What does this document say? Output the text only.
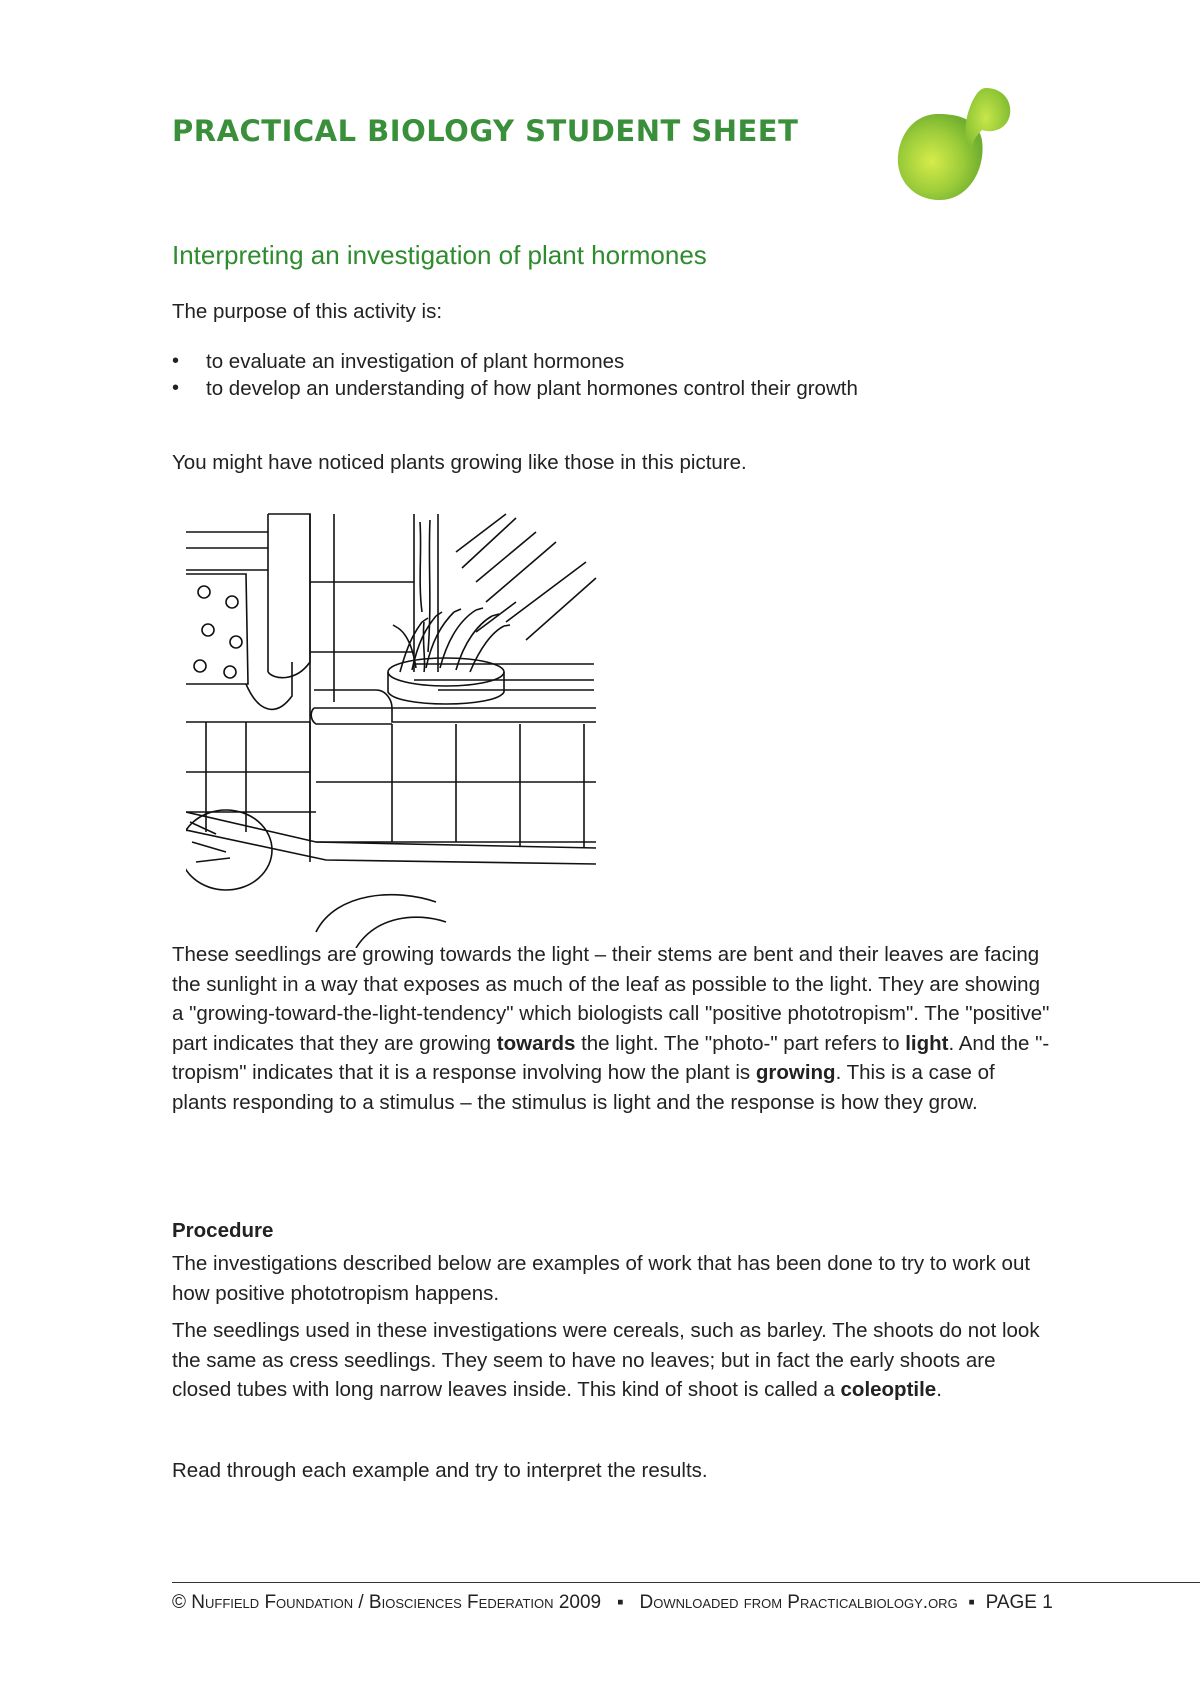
PRACTICAL BIOLOGY STUDENT SHEET
Interpreting an investigation of plant hormones
The purpose of this activity is:
• to evaluate an investigation of plant hormones
• to develop an understanding of how plant hormones control their growth
You might have noticed plants growing like those in this picture.
These seedlings are growing towards the light – their stems are bent and their leaves are facing the sunlight in a way that exposes as much of the leaf as possible to the light. They are showing a "growing-toward-the-light-tendency" which biologists call "positive phototropism". The "positive" part indicates that they are growing towards the light. The "photo-" part refers to light. And the "-tropism" indicates that it is a response involving how the plant is growing. This is a case of plants responding to a stimulus – the stimulus is light and the response is how they grow.
Procedure
The investigations described below are examples of work that has been done to try to work out how positive phototropism happens.
The seedlings used in these investigations were cereals, such as barley. The shoots do not look the same as cress seedlings. They seem to have no leaves; but in fact the early shoots are closed tubes with long narrow leaves inside. This kind of shoot is called a coleoptile.
Read through each example and try to interpret the results.
© Nuffield Foundation / Biosciences Federation 2009 ▪ Downloaded from Practicalbiology.org ▪ PAGE 1
